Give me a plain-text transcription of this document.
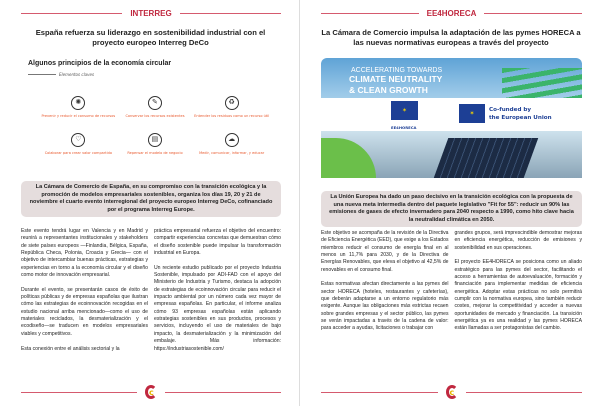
INTERREG
España refuerza su liderazgo en sostenibilidad industrial con el proyecto europeo Interreg DeCo
Algunos principios de la economía circular
Elementos claves
✺
Prevenir y reducir el consumo de recursos
✎
Conservar los recursos existentes
♻
Entender los residuos como un recurso útil
♡
Colaborar para crear valor compartido
▤
Repensar el modelo de negocio
☁
Medir, comunicar, informar, y educar
La Cámara de Comercio de España, en su compromiso con la transición ecológica y la promoción de modelos empresariales sostenibles, organiza los días 19, 20 y 21 de noviembre el cuarto evento interregional del proyecto europeo Interreg DeCo, cofinanciado por el programa Interreg Europe.

Este evento tendrá lugar en Valencia y en Madrid y reunirá a representantes institucionales y stakeholders de siete países europeos —Finlandia, Bélgica, España, República Checa, Polonia, Croacia y Grecia— con el objetivo de intercambiar buenas prácticas, estrategias y experiencias en torno a la economía circular y el diseño como motor de innovación empresarial.

Durante el evento, se presentarán casos de éxito de políticas públicas y de empresas españolas que ilustran cómo las estrategias de ecoinnovación recogidas en el estudio nacional arriba mencionado—como el uso de materiales reciclados, la desmaterialización y el ecodiseño—se traducen en modelos empresariales viables y competitivos.

Esta conexión entre el análisis sectorial y la

práctica empresarial refuerza el objetivo del encuentro: compartir experiencias concretas que demuestran cómo el diseño sostenible puede impulsar la transformación industrial en Europa.

Un reciente estudio publicado por el proyecto Industria Sostenible, impulsado por ADI-FAD con el apoyo del Ministerio de Industria y Turismo, destaca la adopción de estrategias de ecoinnovación circular para reducir el impacto ambiental por un número cada vez mayor de empresas españolas. En particular, el informe analiza cómo 93 empresas españolas están aplicando estrategias sostenibles en sus productos, procesos y servicios, incluyendo el uso de materiales de bajo impacto, la desmaterialización y la minimización del embalaje. Más información: https://industriasostenible.com/

c
EE4HORECA
La Cámara de Comercio impulsa la adaptación de las pymes HORECA a las nuevas normativas europeas a través del proyecto
ACCELERATING TOWARDS
CLIMATE NEUTRALITY
& CLEAN GROWTH
✶	✶	Co-funded by
the European Union
EE4HORECA
La Unión Europea ha dado un paso decisivo en la transición ecológica con la propuesta de una nueva meta intermedia dentro del paquete legislativo "Fit for 55": reducir un 90% las emisiones de gases de efecto invernadero para 2040 respecto a 1990, como hito clave hacia la neutralidad climática en 2050.

Este objetivo se acompaña de la revisión de la Directiva de Eficiencia Energética (EED), que exige a los Estados miembros reducir el consumo de energía final en al menos un 11,7% para 2030, y de la Directiva de Energías Renovables, que eleva el objetivo al 42,5% de renovables en el consumo final.

Estas normativas afectan directamente a las pymes del sector HORECA (hoteles, restaurantes y cafeterías), que deberán adaptarse a un entorno regulatorio más exigente. Aunque las obligaciones más estrictas recaen sobre grandes empresas y el sector público, las pymes se verán impactadas a través de la cadena de valor: para acceder a ayudas, licitaciones o trabajar con

grandes grupos, será imprescindible demostrar mejoras en eficiencia energética, reducción de emisiones y sostenibilidad en sus operaciones.

El proyecto EE4HORECA se posiciona como un aliado estratégico para las pymes del sector, facilitando el acceso a herramientas de autoevaluación, formación y financiación para implementar medidas de eficiencia energética. Adoptar estas prácticas no solo permitirá cumplir con la normativa europea, sino también reducir costes, mejorar la competitividad y acceder a nuevas oportunidades de mercado y financiación. La transición energética ya es una realidad y las pymes HORECA están llamadas a ser protagonistas del cambio.

c
